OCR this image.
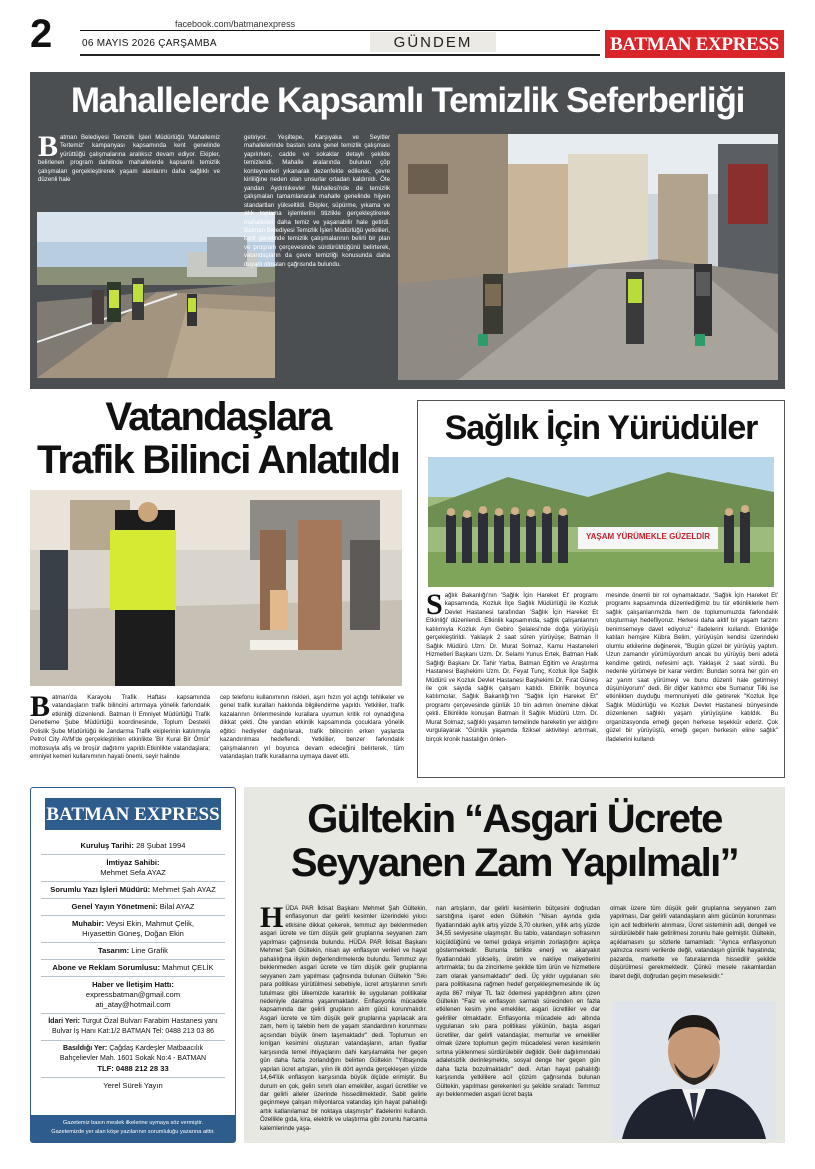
2	facebook.com/batmanexpress
06 MAYIS 2026 ÇARŞAMBA	GÜNDEM	BATMAN EXPRESS
Mahallelerde Kapsamlı Temizlik Seferberliği
B atman Belediyesi Temizlik İşleri Müdürlüğü 'Mahallemiz Tertemiz' kampanyası kapsamında kent genelinde yürüttüğü çalışmalarına aralıksız devam ediyor. Ekipler, belirlenen program dahilinde mahallelerde kapsamlı temizlik çalışmaları gerçekleştirerek yaşam alanlarını daha sağlıklı ve düzenli hale
getiriyor. Yeşiltepe, Karşıyaka ve Seyitler mahallelerinde bastan sona genel temizlik çalışması yapılırken, cadde ve sokaklar detaylı şekilde temizlendi. Mahalle aralarında bulunan çöp konteynerleri yıkanarak dezenfekte edilerek, çevre kirliliğine neden olan unsurlar ortadan kaldırıldı. Öte yandan Aydınlıkevler Mahallesi'nde de temizlik çalışmaları tamamlanarak mahalle genelinde hijyen standartları yükseltildi. Ekipler, süpürme, yıkama ve atık toplama işlemlerini titizlikle gerçekleştirerek mahalleleri daha temiz ve yaşanabilir hale getirdi. Batman Belediyesi Temizlik İşleri Müdürlüğü yetkilileri, kent genelinde temizlik çalışmalarının belirli bir plan ve program çerçevesinde sürdürüldüğünü belirterek, vatandaşların da çevre temizliği konusunda daha duyarlı olmaları çağrısında bulundu.
Vatandaşlara
Trafik Bilinci Anlatıldı
B atman'da Karayolu Trafik Haftası kapsamında vatandaşların trafik bilincini artırmaya yönelik farkındalık etkinliği düzenlendi. Batman İl Emniyet Müdürlüğü Trafik Denetleme Şube Müdürlüğü koordinesinde, Toplum Destekli Polislik Şube Müdürlüğü ile Jandarma Trafik ekiplerinin katılımıyla Petrol City AVM'de gerçekleştirilen etkinlikte 'Bir Kural Bir Ömür' mottosuyla afiş ve broşür dağıtımı yapıldı.Etkinlikte vatandaşlara; emniyet kemeri kullanımının hayati önemi, seyir halinde
cep telefonu kullanımının riskleri, aşırı hızın yol açtığı tehlikeler ve genel trafik kuralları hakkında bilgilendirme yapıldı. Yetkililer, trafik kazalarının önlenmesinde kurallara uyumun kritik rol oynadığına dikkat çekti. Öte yandan etkinlik kapsamında çocuklara yönelik eğitici hediyeler dağıtılarak, trafik bilincinin erken yaşlarda kazandırılması hedeflendi. Yetkililer, benzer farkındalık çalışmalarının yıl boyunca devam edeceğini belirterek, tüm vatandaşları trafik kurallarına uymaya davet etti.
Sağlık İçin Yürüdüler
YAŞAM YÜRÜMEKLE GÜZELDİR
S ağlık Bakanlığı'nın 'Sağlık İçin Hareket Et' programı kapsamında, Kozluk İlçe Sağlık Müdürlüğü ile Kozluk Devlet Hastanesi tarafından 'Sağlık İçin Hareket Et Etkinliği' düzenlendi. Etkinlik kapsamında, sağlık çalışanlarının katılımıyla Kozluk Ayn Gebiro Şelalesi'nde doğa yürüyüşü gerçekleştirildi. Yaklaşık 2 saat süren yürüyüşe; Batman İl Sağlık Müdürü Uzm. Dr. Murat Solmaz, Kamu Hastaneleri Hizmetleri Başkanı Uzm. Dr. Selami Yunus Ertek, Batman Halk Sağlığı Başkanı Dr. Tahir Yarba, Batman Eğitim ve Araştırma Hastanesi Başhekimi Uzm. Dr. Feyat Tunç, Kozluk İlçe Sağlık Müdürü ve Kozluk Devlet Hastanesi Başhekimi Dr. Fırat Güneş ile çok sayıda sağlık çalışanı katıldı. Etkinlik boyunca katılımcılar, Sağlık Bakanlığı'nın "Sağlık İçin Hareket Et" programı çerçevesinde günlük 10 bin adımın önemine dikkat çekti. Etkinlikte konuşan Batman İl Sağlık Müdürü Uzm. Dr. Murat Solmaz, sağlıklı yaşamın temelinde hareketin yer aldığını vurgulayarak "Günlük yaşamda fiziksel aktiviteyi artırmak, birçok kronik hastalığın önlen-
mesinde önemli bir rol oynamaktadır. 'Sağlık İçin Hareket Et' programı kapsamında düzenlediğimiz bu tür etkinliklerle hem sağlık çalışanlarımızda hem de toplumumuzda farkındalık oluşturmayı hedefliyoruz. Herkesi daha aktif bir yaşam tarzını benimsemeye davet ediyoruz" ifadelerini kullandı. Etkinliğe katılan hemşire Kübra Belim, yürüyüşün kendisi üzerindeki olumlu etkilerine değinerek, "Bugün güzel bir yürüyüş yaptım. Uzun zamandır yürümüyordum ancak bu yürüyüş beni adeta kendime getirdi, nefesimi açtı. Yaklaşık 2 saat sürdü. Bu nedenle yürümeye bir karar verdim: Bundan sonra her gün en az yarım saat yürümeyi ve bunu düzenli hale getirmeyi düşünüyorum" dedi. Bir diğer katılımcı ebe Sumanur Tilki ise etkinlikten duyduğu memnuniyeti dile getirerek "Kozluk İlçe Sağlık Müdürlüğü ve Kozluk Devlet Hastanesi bünyesinde düzenlenen sağlıklı yaşam yürüyüşüne katıldık. Bu organizasyonda emeği geçen herkese teşekkür ederiz. Çok güzel bir yürüyüştü, emeği geçen herkesin eline sağlık" ifadelerini kullandı
BATMAN EXPRESS
Kuruluş Tarihi: 28 Şubat 1994
İmtiyaz Sahibi:
Mehmet Sefa AYAZ
Sorumlu Yazı İşleri Müdürü: Mehmet Şah AYAZ
Genel Yayın Yönetmeni: Bilal AYAZ
Muhabir: Veysi Ekin, Mahmut Çelik,
Hıyasettin Güneş, Doğan Ekin
Tasarım: Line Grafik
Abone ve Reklam Sorumlusu: Mahmut ÇELİK
Haber ve İletişim Hattı:
expressbatman@gmail.com
ati_atay@hotmail.com
İdari Yeri: Turgut Özal Bulvarı Farabim Hastanesi yanı
Bulvar İş Hanı Kat:1/2 BATMAN Tel: 0488 213 03 86
Basıldığı Yer: Çağdaş Kardeşler Matbaacılık
Bahçelievler Mah. 1601 Sokak No:4 - BATMAN
TLF: 0488 212 28 33
Yerel Süreli Yayın
Gazetemiz basın meslek ilkelerine uymaya söz vermiştir.
Gazetemizde yer alan köşe yazılarının sorumluluğu yazarına aittir.
Gültekin “Asgari Ücrete
Seyyanen Zam Yapılmalı”
H ÜDA PAR İktisat Başkanı Mehmet Şah Gültekin, enflasyonun dar gelirli kesimler üzerindeki yıkıcı etkisine dikkat çekerek, temmuz ayı beklenmeden asgari ücrete ve tüm düşük gelir gruplarına seyyanen zam yapılması çağrısında bulundu. HÜDA PAR İktisat Başkanı Mehmet Şah Gültekin, nisan ayı enflasyon verileri ve hayat pahalılığına ilişkin değerlendirmelerde bulundu. Temmuz ayı beklenmeden asgari ücrete ve tüm düşük gelir gruplarına seyyanen zam yapılması çağrısında bulunan Gültekin "Sıkı para politikası yürütülmesi sebebiyle, ücret artışlarının sınırlı tutulması gibi ülkemizde kararlılık ile uygulanan politikalar nedeniyle daralma yaşanmaktadır. Enflasyonla mücadele kapsamında dar gelirli grupların alım gücü korunmalıdır. Asgari ücrete ve tüm düşük gelir gruplarına yapılacak ara zam, hem iç talebin hem de yaşam standardının korunması açısından büyük önem taşımaktadır" dedi. Toplumun en kırılgan kesimini oluşturan vatandaşların, artan fiyatlar karşısında temel ihtiyaçlarını dahi karşılamakta her geçen gün daha fazla zorlandığını belirten Gültekin "Yılbaşında yapılan ücret artışları, yılın ilk dört ayında gerçekleşen yüzde 14,64'lük enflasyon karşısında büyük ölçüde erimiştir. Bu durum en çok, gelirı sınırlı olan emekliler, asgari ücretliler ve dar gelirli aileler üzerinde hissedilmektedir. Sabit gelirle geçinmeye çalışan milyonlarca vatandaş için hayat pahalılığı artık katlanılamaz bir noktaya ulaşmıştır" ifadelerini kullandı. Özellikle gıda, kira, elektrik ve ulaştırma gibi zorunlu harcama kalemlerinde yaşa-
nan artışların, dar gelirli kesimlerin bütçesini doğrudan sarstığına işaret eden Gültekin "Nisan ayında gıda fiyatlarındaki aylık artış yüzde 3,70 olurken, yıllık artış yüzde 34,55 seviyesine ulaşmıştır. Bu tablo, vatandaşın sofrasının küçüldüğünü ve temel gıdaya erişimin zorlaştığını açıkça göstermektedir. Bununla birlikte enerji ve akaryakıt fiyatlarındaki yükseliş, üretim ve nakliye maliyetlerini artırmakta; bu da zincirleme şekilde tüm ürün ve hizmetlere zam olarak yansımaktadır" dedi. Üç yıldır uygulanan sıkı para politikasına rağmen hedef gerçekleşmemesinde ilk üç ayda 867 milyar TL faiz ödemesi yapıldığının altını çizen Gültekin "Faiz ve enflasyon sarmalı sürecinden en fazla etkilenen kesim yine emekliler, asgari ücretliler ve dar gelirliler olmaktadır. Enflasyonla mücadele adı altında uygulanan sıkı para politikası yükünün, başta asgari ücretliler, dar gelirli vatandaşlar, memurlar ve emekliler olmak üzere toplumun geçim mücadelesi veren kesimlerin sırtına yüklenmesi sürdürülebilir değildir. Gelir dağılımındaki adaletsizlik derinleşmekte, sosyal denge her geçen gün daha fazla bozulmaktadır" dedi. Artan hayat pahalılığı karşısında yetkililere acil çözüm çağrısında bulunan Gültekin, yapılması gerekenleri şu şekilde sıraladı: Temmuz ayı beklenmeden asgari ücret başta
olmak üzere tüm düşük gelir gruplarına seyyanen zam yapılması, Dar gelirli vatandaşların alım gücünün korunması için acil tedbirlerin alınması, Ücret sisteminin adil, dengeli ve sürdürülebilir hale getirilmesi zorunlu hale gelmiştir. Gültekin, açıklamasını şu sözlerle tamamladı: "Ayrıca enflasyonun yalnızca resmi verilerde değil, vatandaşın günlük hayatında; pazarda, markette ve faturalarında hissedilir şekilde düşürülmesi gerekmektedir. Çünkü mesele rakamlardan ibaret değil, doğrudan geçim meselesidir."
